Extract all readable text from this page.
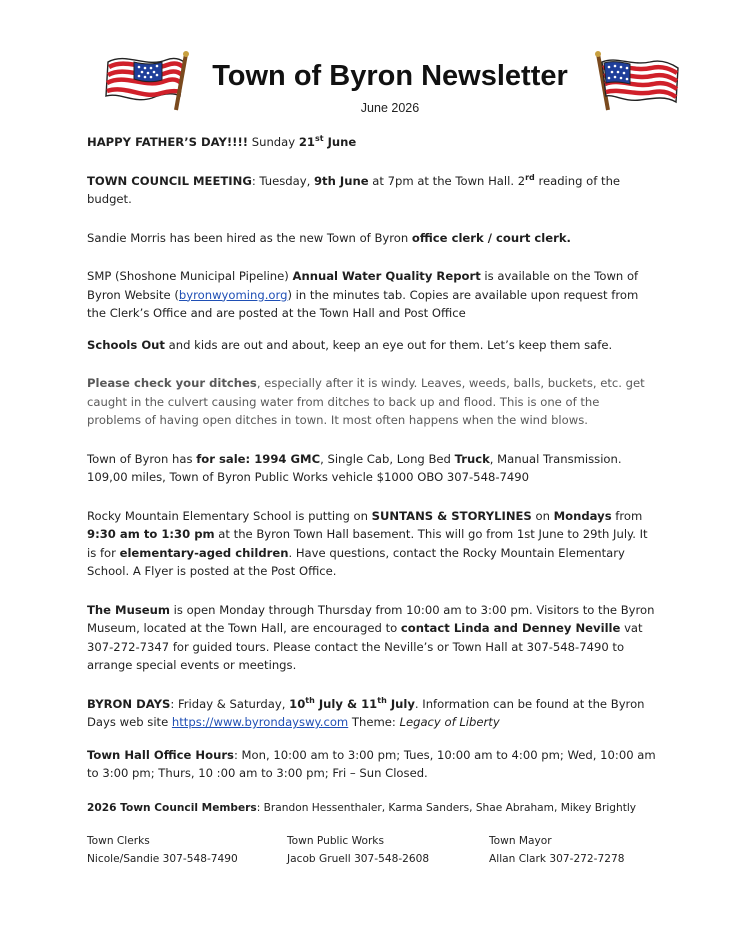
Town of Byron Newsletter
June 2026

HAPPY FATHER’S DAY!!!! Sunday 21st June

TOWN COUNCIL MEETING: Tuesday, 9th June at 7pm at the Town Hall. 2rd reading of the budget.

Sandie Morris has been hired as the new Town of Byron office clerk / court clerk.

SMP (Shoshone Municipal Pipeline) Annual Water Quality Report is available on the Town of Byron Website (byronwyoming.org) in the minutes tab. Copies are available upon request from the Clerk’s Office and are posted at the Town Hall and Post Office

Schools Out and kids are out and about, keep an eye out for them. Let’s keep them safe.

Please check your ditches, especially after it is windy. Leaves, weeds, balls, buckets, etc. get caught in the culvert causing water from ditches to back up and flood. This is one of the problems of having open ditches in town. It most often happens when the wind blows.

Town of Byron has for sale: 1994 GMC, Single Cab, Long Bed Truck, Manual Transmission. 109,00 miles, Town of Byron Public Works vehicle $1000 OBO 307-548-7490

Rocky Mountain Elementary School is putting on SUNTANS & STORYLINES on Mondays from 9:30 am to 1:30 pm at the Byron Town Hall basement. This will go from 1st June to 29th July. It is for elementary-aged children. Have questions, contact the Rocky Mountain Elementary School. A Flyer is posted at the Post Office.

The Museum is open Monday through Thursday from 10:00 am to 3:00 pm. Visitors to the Byron Museum, located at the Town Hall, are encouraged to contact Linda and Denney Neville vat 307-272-7347 for guided tours. Please contact the Neville’s or Town Hall at 307-548-7490 to arrange special events or meetings.

BYRON DAYS: Friday & Saturday, 10th July & 11th July. Information can be found at the Byron Days web site https://www.byrondayswy.com Theme: Legacy of Liberty

Town Hall Office Hours: Mon, 10:00 am to 3:00 pm; Tues, 10:00 am to 4:00 pm; Wed, 10:00 am to 3:00 pm; Thurs, 10 :00 am to 3:00 pm; Fri – Sun Closed.

2026 Town Council Members: Brandon Hessenthaler, Karma Sanders, Shae Abraham, Mikey Brightly

Town Clerks
Nicole/Sandie 307-548-7490
Town Public Works
Jacob Gruell 307-548-2608
Town Mayor
Allan Clark 307-272-7278
